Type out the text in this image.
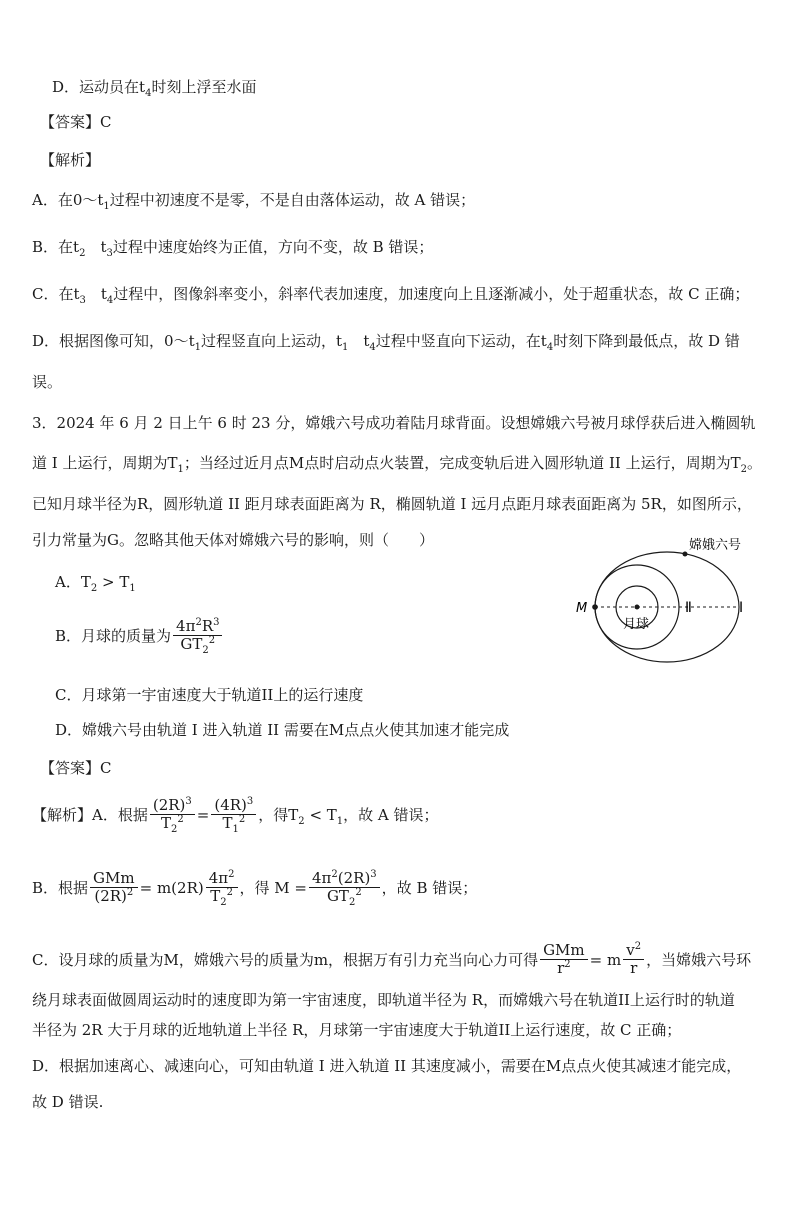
D．运动员在$t_4$时刻上浮至水面
【答案】C
【解析】
A．在$0\sim t_1$过程中初速度不是零，不是自由落体运动，故 A 错误；
B．在$t_2$　$t_3$过程中速度始终为正值，方向不变，故 B 错误；
C．在$t_3$　$t_4$过程中，图像斜率变小，斜率代表加速度，加速度向上且逐渐减小，处于超重状态，故 C 正确；
D．根据图像可知，$0\sim t_1$过程竖直向上运动，$t_1$　$t_4$过程中竖直向下运动，在$t_4$时刻下降到最低点，故 D 错
误。
3．2024 年 6 月 2 日上午 6 时 23 分，嫦娥六号成功着陆月球背面。设想嫦娥六号被月球俘获后进入椭圆轨
道 I 上运行，周期为$T_1$；当经过近月点M点时启动点火装置，完成变轨后进入圆形轨道 II 上运行，周期为$T_2$。
已知月球半径为R，圆形轨道 II 距月球表面距离为 R，椭圆轨道 I 远月点距月球表面距离为 5R，如图所示，
引力常量为G。忽略其他天体对嫦娥六号的影响，则（　　）
A．$T_2 > T_1$
B．月球的质量为 $\frac{4\pi^2R^3}{GT_2^2}$
C．月球第一宇宙速度大于轨道II上的运行速度
D．嫦娥六号由轨道 I 进入轨道 II 需要在M点点火使其加速才能完成
【答案】C
【解析】 A．根据 $\frac{(2R)^3}{T_2^2} = \frac{(4R)^3}{T_1^2}$ ，得$T_2 < T_1$，故 A 错误；
B．根据 $\frac{\text{GMm}}{(2R)^2} = m(2R) \frac{4\pi^2}{T_2^2}$ ，得 $M = \frac{4\pi^2(2R)^3}{GT_2^2}$ ，故 B 错误；
C．设月球的质量为M，嫦娥六号的质量为m，根据万有引力充当向心力可得 $\frac{\text{GMm}}{r^2} = m \frac{v^2}{r}$ ，当嫦娥六号环
绕月球表面做圆周运动时的速度即为第一宇宙速度，即轨道半径为 R，而嫦娥六号在轨道II上运行时的轨道
半径为 2R 大于月球的近地轨道上半径 R，月球第一宇宙速度大于轨道II上运行速度，故 C 正确；
D．根据加速离心、减速向心，可知由轨道 I 进入轨道 II 其速度减小，需要在M点点火使其减速才能完成，
故 D 错误.
嫦娥六号
M
月球
Ⅱ	Ⅰ
